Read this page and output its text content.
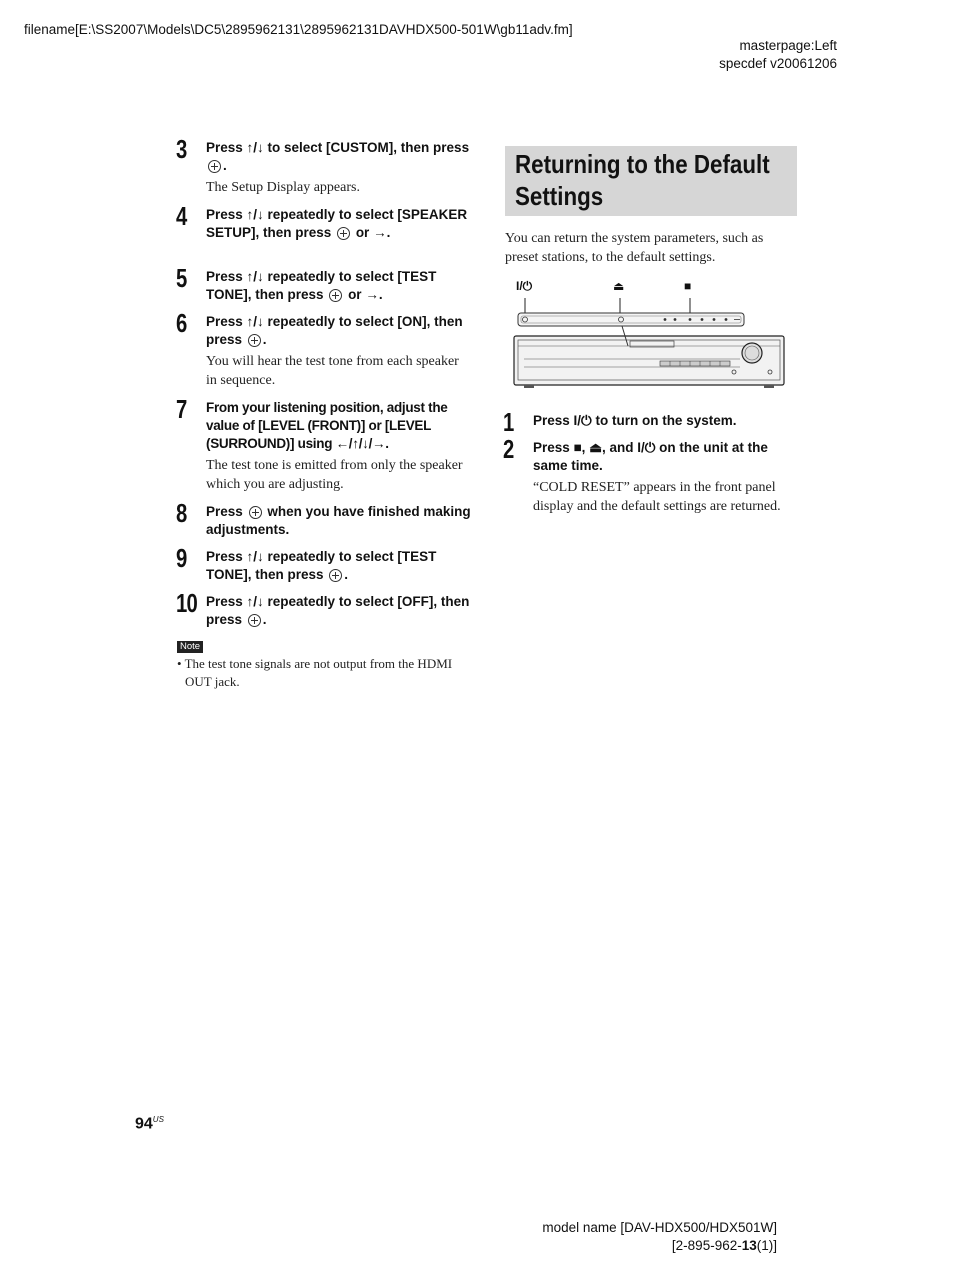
filename[E:\SS2007\Models\DC5\2895962131\2895962131DAVHDX500-501W\gb11adv.fm]
masterpage:Left
specdef v20061206
3 Press ↑/↓ to select [CUSTOM], then press .
The Setup Display appears.
4 Press ↑/↓ repeatedly to select [SPEAKER SETUP], then press or →.
5 Press ↑/↓ repeatedly to select [TEST TONE], then press or →.
6 Press ↑/↓ repeatedly to select [ON], then press .
You will hear the test tone from each speaker in sequence.
7 From your listening position, adjust the value of [LEVEL (FRONT)] or [LEVEL (SURROUND)] using ←/↑/↓/→.
The test tone is emitted from only the speaker which you are adjusting.
8 Press when you have finished making adjustments.
9 Press ↑/↓ repeatedly to select [TEST TONE], then press .
10 Press ↑/↓ repeatedly to select [OFF], then press .
Note
• The test tone signals are not output from the HDMI OUT jack.
Returning to the Default Settings
You can return the system parameters, such as preset stations, to the default settings.
I/⏻	⏏	■
1 Press I/⏻ to turn on the system.
2 Press ■, ⏏, and I/⏻ on the unit at the same time.
“COLD RESET” appears in the front panel display and the default settings are returned.
$94^{US}$
model name [DAV-HDX500/HDX501W]
[2-895-962-13(1)]
